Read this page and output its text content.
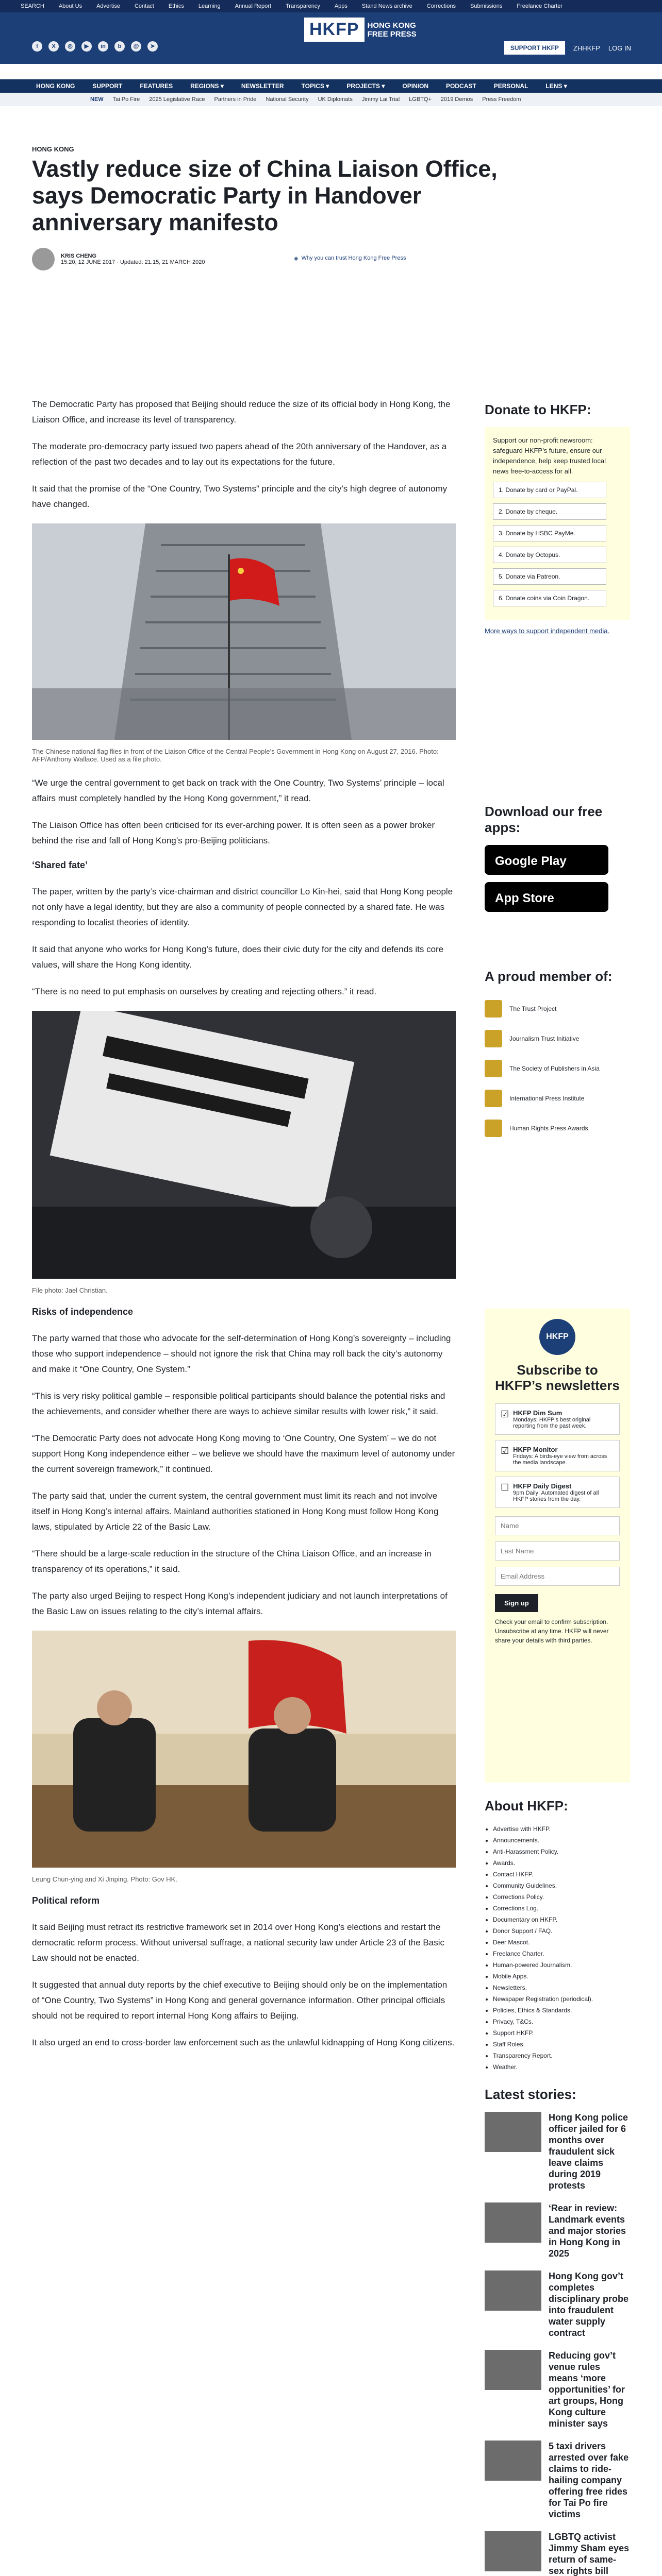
SEARCH	About Us	Advertise	Contact	Ethics	Learning	Annual Report	Transparency	Apps	Stand News archive	Corrections	Submissions	Freelance Charter
HKFP	HONG KONG
FREE PRESS
f	X	◎	▶	in	b	@	➤	SUPPORT HKFP	ZHHKFP LOG IN
HONG KONG	SUPPORT	FEATURES	REGIONS ▾	NEWSLETTER	TOPICS ▾	PROJECTS ▾	OPINION	PODCAST	PERSONAL	LENS ▾
NEW Tai Po Fire 2025 Legislative Race Partners in Pride National Security UK Diplomats Jimmy Lai Trial LGBTQ+ 2019 Demos Press Freedom
HONG KONG
Vastly reduce size of China Liaison Office, says Democratic Party in Handover anniversary manifesto
KRIS CHENG
15:20, 12 JUNE 2017 · Updated: 21:15, 21 MARCH 2020
◈ Why you can trust Hong Kong Free Press

The Democratic Party has proposed that Beijing should reduce the size of its official body in Hong Kong, the Liaison Office, and increase its level of transparency.

The moderate pro-democracy party issued two papers ahead of the 20th anniversary of the Handover, as a reflection of the past two decades and to lay out its expectations for the future.

It said that the promise of the “One Country, Two Systems” principle and the city’s high degree of autonomy have changed.

The Chinese national flag flies in front of the Liaison Office of the Central People’s Government in Hong Kong on August 27, 2016. Photo: AFP/Anthony Wallace. Used as a file photo.

“We urge the central government to get back on track with the One Country, Two Systems’ principle – local affairs must completely handled by the Hong Kong government,” it read.

The Liaison Office has often been criticised for its ever-arching power. It is often seen as a power broker behind the rise and fall of Hong Kong’s pro-Beijing politicians.

‘Shared fate’

The paper, written by the party’s vice-chairman and district councillor Lo Kin-hei, said that Hong Kong people not only have a legal identity, but they are also a community of people connected by a shared fate. He was responding to localist theories of identity.

It said that anyone who works for Hong Kong’s future, does their civic duty for the city and defends its core values, will share the Hong Kong identity.

“There is no need to put emphasis on ourselves by creating and rejecting others.” it read.

File photo: Jael Christian.
Risks of independence

The party warned that those who advocate for the self-determination of Hong Kong’s sovereignty – including those who support independence – should not ignore the risk that China may roll back the city’s autonomy and make it “One Country, One System.”

“This is very risky political gamble – responsible political participants should balance the potential risks and the achievements, and consider whether there are ways to achieve similar results with lower risk,” it said.

“The Democratic Party does not advocate Hong Kong moving to ‘One Country, One System’ – we do not support Hong Kong independence either – we believe we should have the maximum level of autonomy under the current sovereign framework,” it continued.

The party said that, under the current system, the central government must limit its reach and not involve itself in Hong Kong’s internal affairs. Mainland authorities stationed in Hong Kong must follow Hong Kong laws, stipulated by Article 22 of the Basic Law.

“There should be a large-scale reduction in the structure of the China Liaison Office, and an increase in transparency of its operations,” it said.

The party also urged Beijing to respect Hong Kong’s independent judiciary and not launch interpretations of the Basic Law on issues relating to the city’s internal affairs.

Leung Chun-ying and Xi Jinping. Photo: Gov HK.
Political reform

It said Beijing must retract its restrictive framework set in 2014 over Hong Kong’s elections and restart the democratic reform process. Without universal suffrage, a national security law under Article 23 of the Basic Law should not be enacted.

It suggested that annual duty reports by the chief executive to Beijing should only be on the implementation of “One Country, Two Systems” in Hong Kong and general governance information. Other principal officials should not be required to report internal Hong Kong affairs to Beijing.

It also urged an end to cross-border law enforcement such as the unlawful kidnapping of Hong Kong citizens.

Donate to HKFP:
Support our non-profit newsroom: safeguard HKFP’s future, ensure our independence, help keep trusted local news free-to-access for all.
1. Donate by card or PayPal.
2. Donate by cheque.
3. Donate by HSBC PayMe.
4. Donate by Octopus.
5. Donate via Patreon.
6. Donate coins via Coin Dragon.
More ways to support independent media.
Download our free apps:
Google Play
App Store
A proud member of:
The Trust Project
Journalism Trust Initiative
The Society of Publishers in Asia
International Press Institute
Human Rights Press Awards
HKFP
Subscribe to HKFP’s newsletters
☑ HKFP Dim Sum
Mondays: HKFP’s best original reporting from the past week.
☑ HKFP Monitor
Fridays: A birds-eye view from across the media landscape.
☐ HKFP Daily Digest
9pm Daily: Automated digest of all HKFP stories from the day.
Name Last Name Email Address Sign up
Check your email to confirm subscription. Unsubscribe at any time. HKFP will never share your details with third parties.
About HKFP:
• Advertise with HKFP.
• Announcements.
• Anti-Harassment Policy.
• Awards.
• Contact HKFP.
• Community Guidelines.
• Corrections Policy.
• Corrections Log.
• Documentary on HKFP.
• Donor Support / FAQ.
• Deer Mascot.
• Freelance Charter.
• Human-powered Journalism.
• Mobile Apps.
• Newsletters.
• Newspaper Registration (periodical).
• Policies, Ethics & Standards.
• Privacy, T&Cs.
• Support HKFP.
• Staff Roles.
• Transparency Report.
• Weather.
Latest stories:
Hong Kong police officer jailed for 6 months over fraudulent sick leave claims during 2019 protests
‘Rear in review: Landmark events and major stories in Hong Kong in 2025
Hong Kong gov’t completes disciplinary probe into fraudulent water supply contract
Reducing gov’t venue rules means ‘more opportunities’ for art groups, Hong Kong culture minister says
5 taxi drivers arrested over fake claims to ride-hailing company offering free rides for Tai Po fire victims
LGBTQ activist Jimmy Sham eyes return of same-sex rights bill
